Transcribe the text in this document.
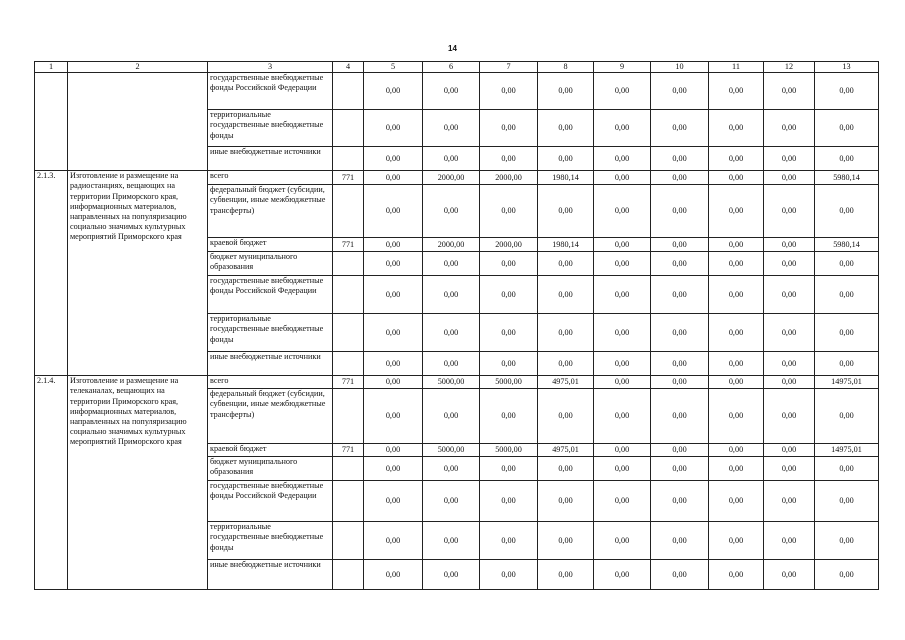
14
1	2	3	4	5	6	7	8	9	10	11	12	13
		государственные внебюджетные фонды Российской Федерации		0,00	0,00	0,00	0,00	0,00	0,00	0,00	0,00	0,00
		территориальные государственные внебюджетные фонды		0,00	0,00	0,00	0,00	0,00	0,00	0,00	0,00	0,00
		иные внебюджетные источники		0,00	0,00	0,00	0,00	0,00	0,00	0,00	0,00	0,00
2.1.3.	Изготовление и размещение на радиостанциях, вещающих на территории Приморского края, информационных материалов, направленных на популяризацию социально значимых культурных мероприятий Приморского края	всего	771	0,00	2000,00	2000,00	1980,14	0,00	0,00	0,00	0,00	5980,14
		федеральный бюджет (субсидии, субвенции, иные межбюджетные трансферты)		0,00	0,00	0,00	0,00	0,00	0,00	0,00	0,00	0,00
		краевой бюджет	771	0,00	2000,00	2000,00	1980,14	0,00	0,00	0,00	0,00	5980,14
		бюджет муниципального образования		0,00	0,00	0,00	0,00	0,00	0,00	0,00	0,00	0,00
		государственные внебюджетные фонды Российской Федерации		0,00	0,00	0,00	0,00	0,00	0,00	0,00	0,00	0,00
		территориальные государственные внебюджетные фонды		0,00	0,00	0,00	0,00	0,00	0,00	0,00	0,00	0,00
		иные внебюджетные источники		0,00	0,00	0,00	0,00	0,00	0,00	0,00	0,00	0,00
2.1.4.	Изготовление и размещение на телеканалах, вещающих на территории Приморского края, информационных материалов, направленных на популяризацию социально значимых культурных мероприятий Приморского края	всего	771	0,00	5000,00	5000,00	4975,01	0,00	0,00	0,00	0,00	14975,01
		федеральный бюджет (субсидии, субвенции, иные межбюджетные трансферты)		0,00	0,00	0,00	0,00	0,00	0,00	0,00	0,00	0,00
		краевой бюджет	771	0,00	5000,00	5000,00	4975,01	0,00	0,00	0,00	0,00	14975,01
		бюджет муниципального образования		0,00	0,00	0,00	0,00	0,00	0,00	0,00	0,00	0,00
		государственные внебюджетные фонды Российской Федерации		0,00	0,00	0,00	0,00	0,00	0,00	0,00	0,00	0,00
		территориальные государственные внебюджетные фонды		0,00	0,00	0,00	0,00	0,00	0,00	0,00	0,00	0,00
		иные внебюджетные источники		0,00	0,00	0,00	0,00	0,00	0,00	0,00	0,00	0,00
